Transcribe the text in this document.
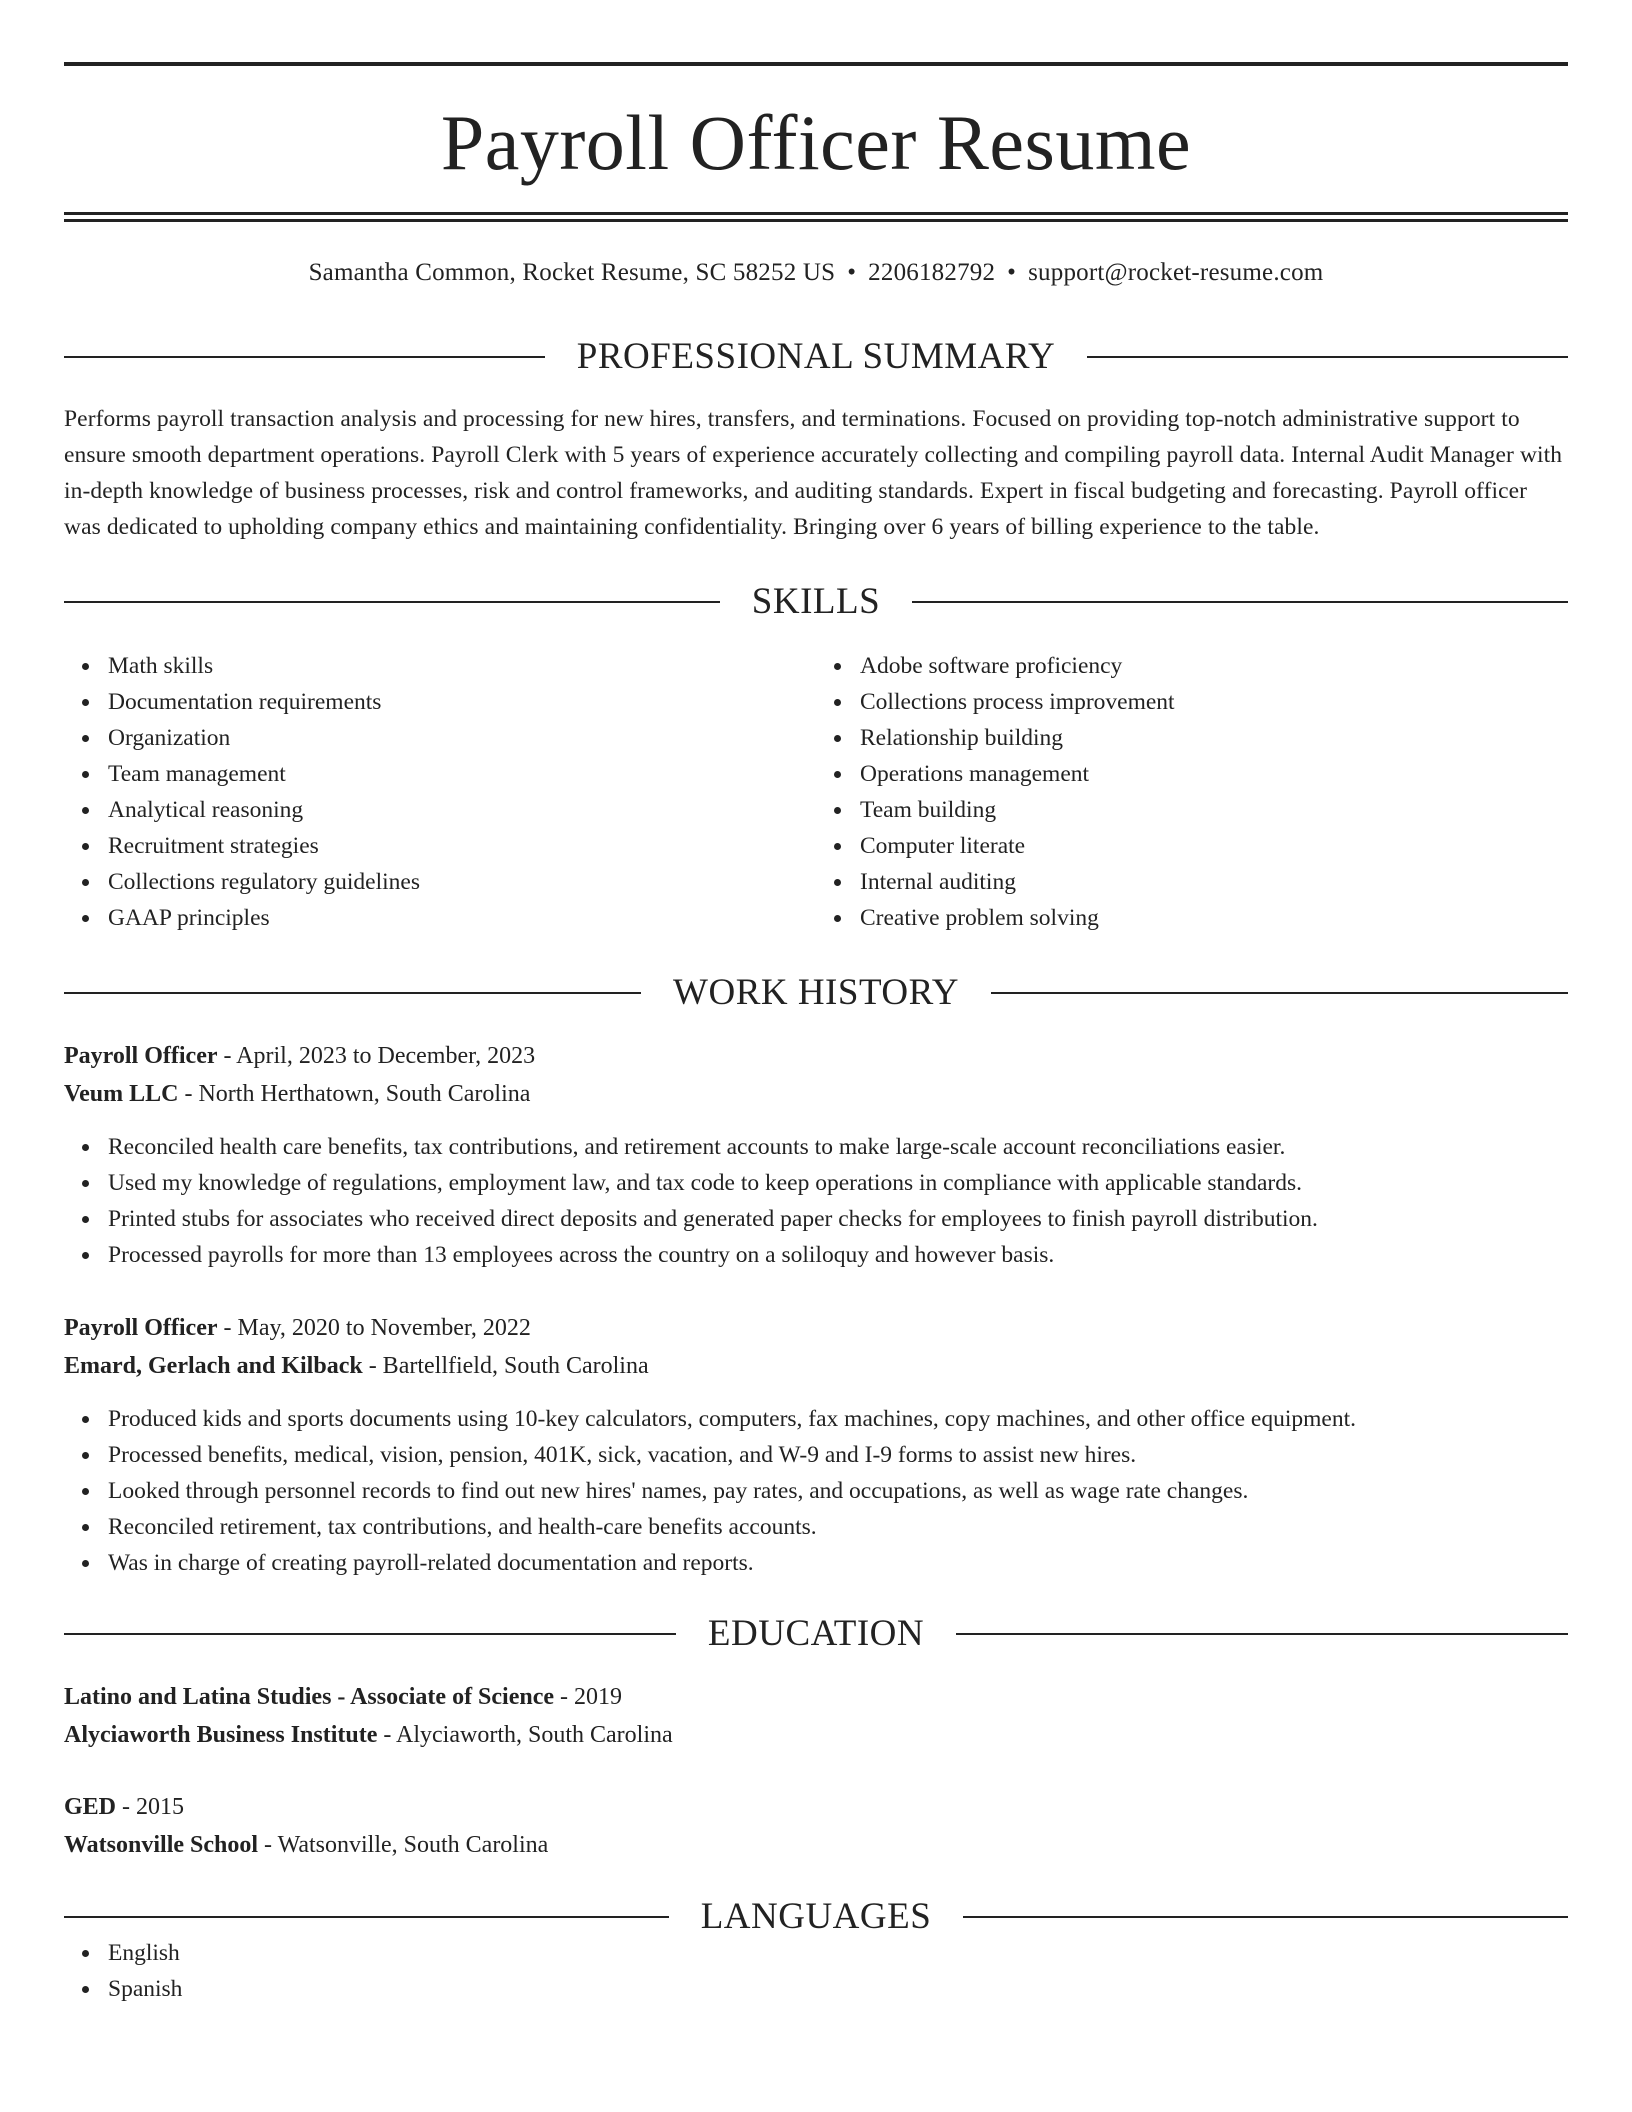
Payroll Officer Resume
Samantha Common, Rocket Resume, SC 58252 US • 2206182792 • support@rocket-resume.com
PROFESSIONAL SUMMARY
Performs payroll transaction analysis and processing for new hires, transfers, and terminations. Focused on providing top-notch administrative support to ensure smooth department operations. Payroll Clerk with 5 years of experience accurately collecting and compiling payroll data. Internal Audit Manager with in-depth knowledge of business processes, risk and control frameworks, and auditing standards. Expert in fiscal budgeting and forecasting. Payroll officer was dedicated to upholding company ethics and maintaining confidentiality. Bringing over 6 years of billing experience to the table.
SKILLS
Math skills
Documentation requirements
Organization
Team management
Analytical reasoning
Recruitment strategies
Collections regulatory guidelines
GAAP principles
Adobe software proficiency
Collections process improvement
Relationship building
Operations management
Team building
Computer literate
Internal auditing
Creative problem solving
WORK HISTORY
Payroll Officer - April, 2023 to December, 2023
Veum LLC - North Herthatown, South Carolina
Reconciled health care benefits, tax contributions, and retirement accounts to make large-scale account reconciliations easier.
Used my knowledge of regulations, employment law, and tax code to keep operations in compliance with applicable standards.
Printed stubs for associates who received direct deposits and generated paper checks for employees to finish payroll distribution.
Processed payrolls for more than 13 employees across the country on a soliloquy and however basis.
Payroll Officer - May, 2020 to November, 2022
Emard, Gerlach and Kilback - Bartellfield, South Carolina
Produced kids and sports documents using 10-key calculators, computers, fax machines, copy machines, and other office equipment.
Processed benefits, medical, vision, pension, 401K, sick, vacation, and W-9 and I-9 forms to assist new hires.
Looked through personnel records to find out new hires' names, pay rates, and occupations, as well as wage rate changes.
Reconciled retirement, tax contributions, and health-care benefits accounts.
Was in charge of creating payroll-related documentation and reports.
EDUCATION
Latino and Latina Studies - Associate of Science - 2019
Alyciaworth Business Institute - Alyciaworth, South Carolina
GED - 2015
Watsonville School - Watsonville, South Carolina
LANGUAGES
English
Spanish
